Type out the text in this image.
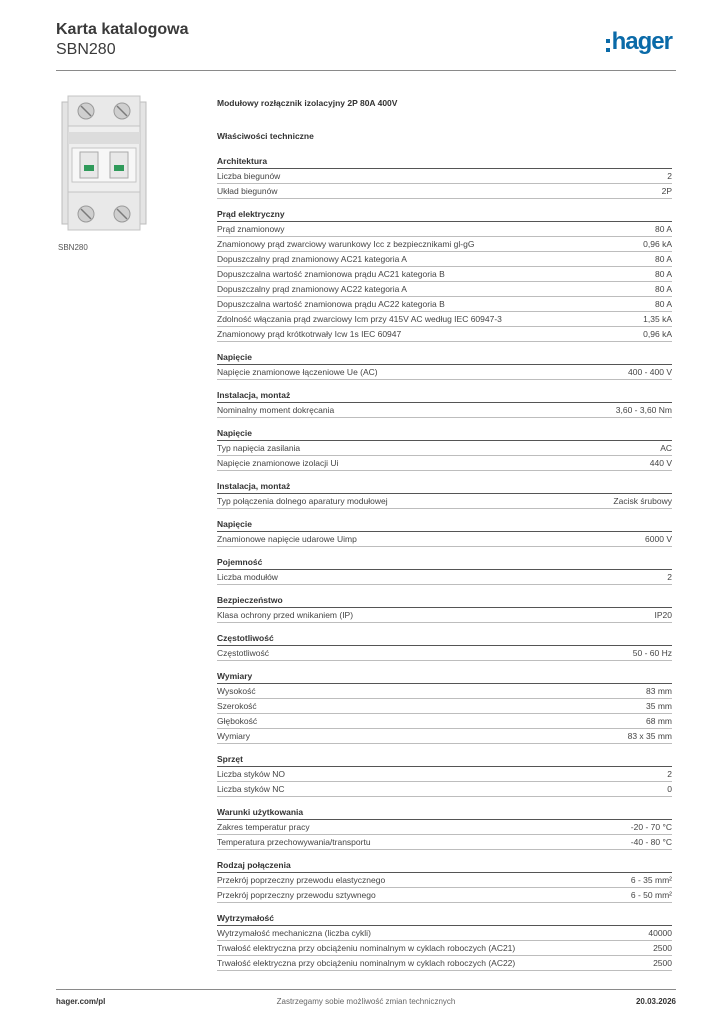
Karta katalogowa
SBN280	hager
SBN280
Modułowy rozłącznik izolacyjny 2P 80A 400V
Właściwości techniczne
Architektura
Liczba biegunów	2
Układ biegunów	2P
Prąd elektryczny
Prąd znamionowy	80 A
Znamionowy prąd zwarciowy warunkowy Icc z bezpiecznikami gl-gG	0,96 kA
Dopuszczalny prąd znamionowy AC21 kategoria A	80 A
Dopuszczalna wartość znamionowa prądu AC21 kategoria B	80 A
Dopuszczalny prąd znamionowy AC22 kategoria A	80 A
Dopuszczalna wartość znamionowa prądu AC22 kategoria B	80 A
Zdolność włączania prąd zwarciowy Icm przy 415V AC według IEC 60947-3	1,35 kA
Znamionowy prąd krótkotrwały Icw 1s IEC 60947	0,96 kA
Napięcie
Napięcie znamionowe łączeniowe Ue (AC)	400 - 400 V
Instalacja, montaż
Nominalny moment dokręcania	3,60 - 3,60 Nm
Napięcie
Typ napięcia zasilania	AC
Napięcie znamionowe izolacji Ui	440 V
Instalacja, montaż
Typ połączenia dolnego aparatury modułowej	Zacisk śrubowy
Napięcie
Znamionowe napięcie udarowe Uimp	6000 V
Pojemność
Liczba modułów	2
Bezpieczeństwo
Klasa ochrony przed wnikaniem (IP)	IP20
Częstotliwość
Częstotliwość	50 - 60 Hz
Wymiary
Wysokość	83 mm
Szerokość	35 mm
Głębokość	68 mm
Wymiary	83 x 35 mm
Sprzęt
Liczba styków NO	2
Liczba styków NC	0
Warunki użytkowania
Zakres temperatur pracy	-20 - 70 °C
Temperatura przechowywania/transportu	-40 - 80 °C
Rodzaj połączenia
Przekrój poprzeczny przewodu elastycznego	6 - 35 mm²
Przekrój poprzeczny przewodu sztywnego	6 - 50 mm²
Wytrzymałość
Wytrzymałość mechaniczna (liczba cykli)	40000
Trwałość elektryczna przy obciążeniu nominalnym w cyklach roboczych (AC21)	2500
Trwałość elektryczna przy obciążeniu nominalnym w cyklach roboczych (AC22)	2500
hager.com/pl	Zastrzegamy sobie możliwość zmian technicznych	20.03.2026
